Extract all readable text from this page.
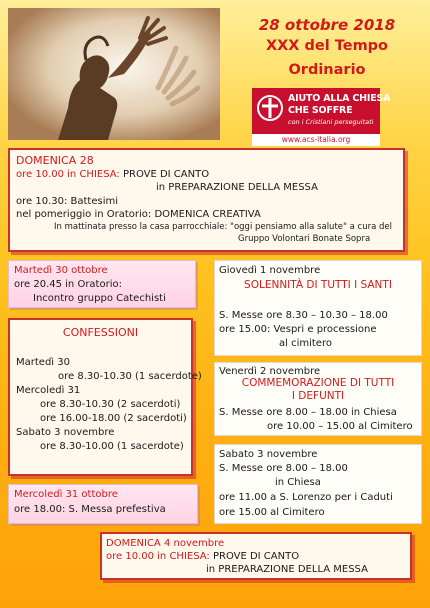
28 ottobre 2018
XXX del Tempo
Ordinario
AIUTO ALLA CHIESA
CHE SOFFRE
con i Cristiani perseguitati
www.acs-italia.org
DOMENICA 28
ore 10.00 in CHIESA: PROVE DI CANTO
in PREPARAZIONE DELLA MESSA
ore 10.30: Battesimi
nel pomeriggio in Oratorio: DOMENICA CREATIVA
In mattinata presso la casa parrocchiale: "oggi pensiamo alla salute" a cura del
Gruppo Volontari Bonate Sopra
Martedì 30 ottobre
ore 20.45 in Oratorio:
Incontro gruppo Catechisti
CONFESSIONI
Martedì 30
ore 8.30-10.30 (1 sacerdote)
Mercoledì 31
ore 8.30-10.30 (2 sacerdoti)
ore 16.00-18.00 (2 sacerdoti)
Sabato 3 novembre
ore 8.30-10.00 (1 sacerdote)
Mercoledì 31 ottobre
ore 18.00: S. Messa prefestiva
Giovedì 1 novembre
SOLENNITÀ DI TUTTI I SANTI
S. Messe ore 8.30 – 10.30 – 18.00
ore 15.00: Vespri e processione
al cimitero
Venerdì 2 novembre
COMMEMORAZIONE DI TUTTI
I DEFUNTI
S. Messe ore 8.00 – 18.00 in Chiesa
ore 10.00 – 15.00 al Cimitero
Sabato 3 novembre
S. Messe ore 8.00 – 18.00
in Chiesa
ore 11.00 a S. Lorenzo per i Caduti
ore 15.00 al Cimitero
DOMENICA 4 novembre
ore 10.00 in CHIESA: PROVE DI CANTO
in PREPARAZIONE DELLA MESSA
